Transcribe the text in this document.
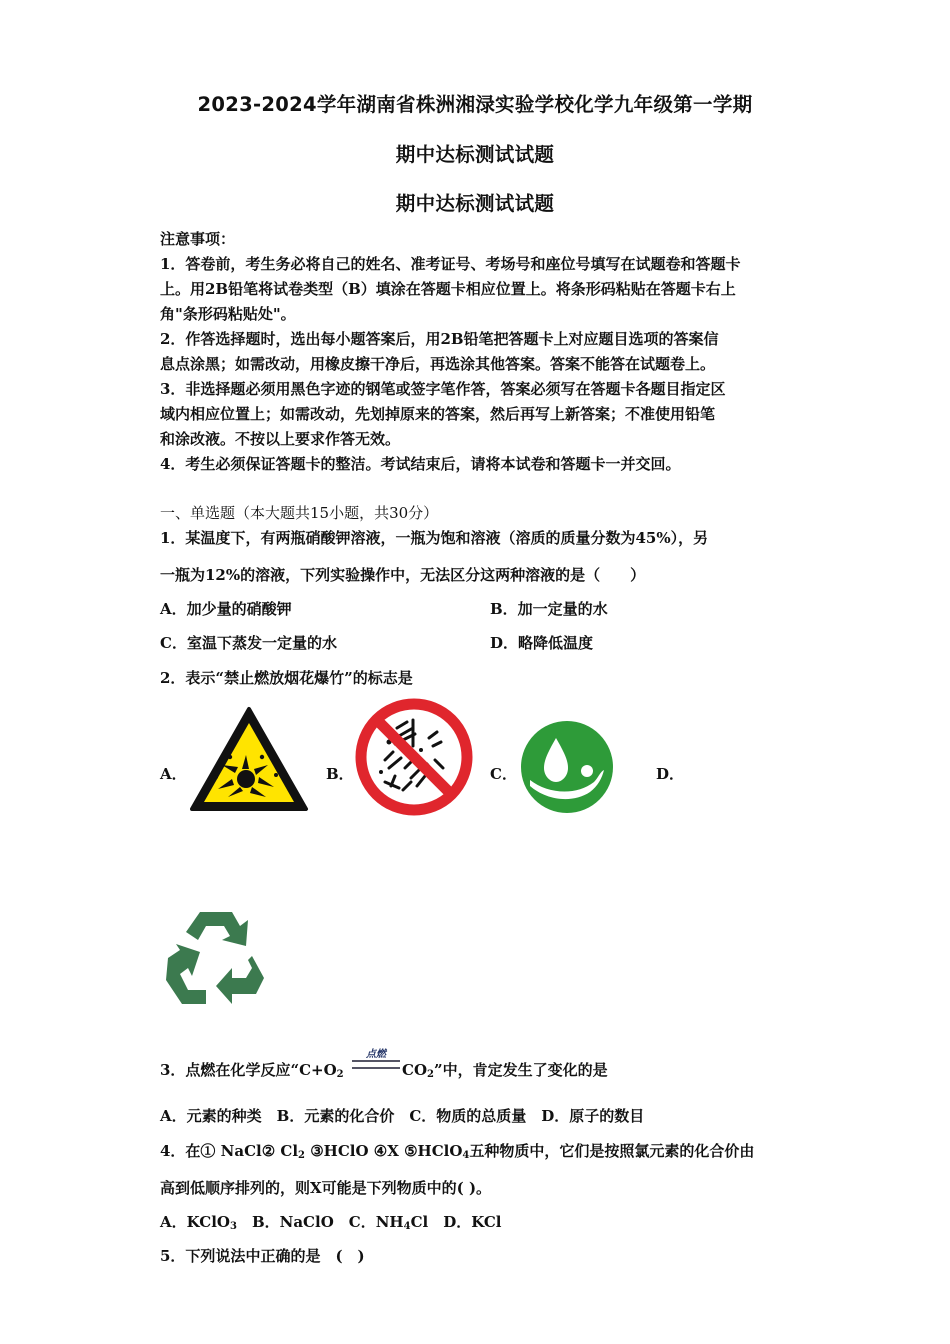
2023-2024学年湖南省株洲湘渌实验学校化学九年级第一学期
期中达标测试试题
期中达标测试试题
注意事项：
1．答卷前，考生务必将自己的姓名、准考证号、考场号和座位号填写在试题卷和答题卡
上。用2B铅笔将试卷类型（B）填涂在答题卡相应位置上。将条形码粘贴在答题卡右上
角"条形码粘贴处"。
2．作答选择题时，选出每小题答案后，用2B铅笔把答题卡上对应题目选项的答案信
息点涂黑；如需改动，用橡皮擦干净后，再选涂其他答案。答案不能答在试题卷上。
3．非选择题必须用黑色字迹的钢笔或签字笔作答，答案必须写在答题卡各题目指定区
域内相应位置上；如需改动，先划掉原来的答案，然后再写上新答案；不准使用铅笔
和涂改液。不按以上要求作答无效。
4．考生必须保证答题卡的整洁。考试结束后，请将本试卷和答题卡一并交回。
一、单选题（本大题共15小题，共30分）
1．某温度下，有两瓶硝酸钾溶液，一瓶为饱和溶液（溶质的质量分数为45%），另
一瓶为12%的溶液，下列实验操作中，无法区分这两种溶液的是（　　）
A．加少量的硝酸钾	B．加一定量的水
C．室温下蒸发一定量的水	D．略降低温度
2．表示“禁止燃放烟花爆竹”的标志是
A．	B．	C．	D．
3．点燃在化学反应“$C+O_2$
点燃
$CO_2$”中，肯定发生了变化的是
A．元素的种类　B．元素的化合价　C．物质的总质量　D．原子的数目
4．在① NaCl② $Cl_2$ ③HClO ④X ⑤HClO$_4$五种物质中，它们是按照氯元素的化合价由
高到低顺序排列的，则X可能是下列物质中的( )。
A．KClO$_3$　B．NaClO　C．$NH_4Cl$　D．KCl
5．下列说法中正确的是　(　)
